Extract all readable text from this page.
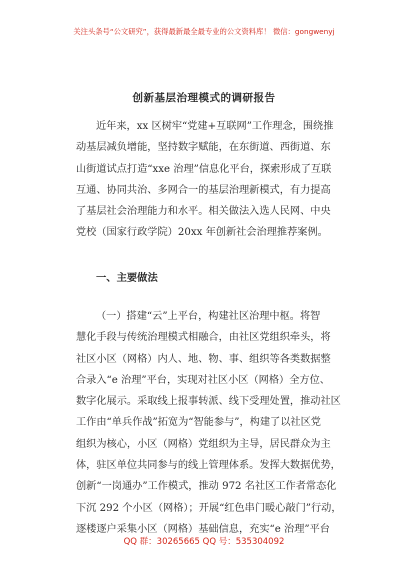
关注头条号“公文研究”，获得最新最全最专业的公文资料库！ 微信：gongwenyj
创新基层治理模式的调研报告
近年来，xx 区树牢“党建+互联网”工作理念，围绕推
动基层减负增能，坚持数字赋能，在东街道、西街道、东
山街道试点打造“xxe 治理”信息化平台，探索形成了互联
互通、协同共治、多网合一的基层治理新模式，有力提高
了基层社会治理能力和水平。相关做法入选人民网、中央
党校（国家行政学院）20xx 年创新社会治理推荐案例。
一、主要做法
（一）搭建“云”上平台，构建社区治理中枢。将智
慧化手段与传统治理模式相融合，由社区党组织牵头，将
社区小区（网格）内人、地、物、事、组织等各类数据整
合录入“e 治理”平台，实现对社区小区（网格）全方位、
数字化展示。采取线上报事转派、线下受理处置，推动社区
工作由“单兵作战”拓宽为“智能参与”，构建了以社区党
组织为核心，小区（网格）党组织为主导，居民群众为主
体，驻区单位共同参与的线上管理体系。发挥大数据优势，
创新“一岗通办”工作模式，推动 972 名社区工作者常态化
下沉 292 个小区（网格）；开展“红色串门暖心敲门”行动，
逐楼逐户采集小区（网格）基础信息，充实“e 治理”平台
QQ 群：30265665 QQ 号：535304092
